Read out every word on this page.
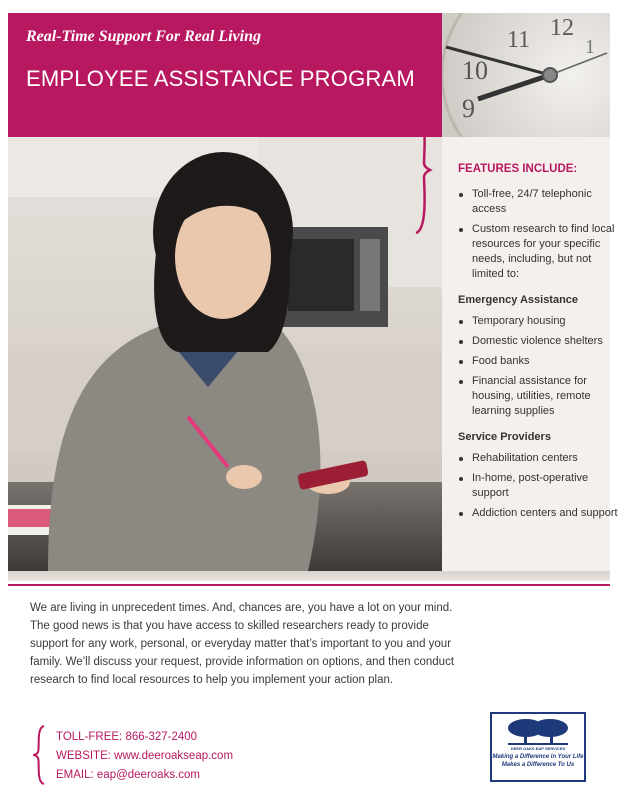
Real-Time Support For Real Living
EMPLOYEE ASSISTANCE PROGRAM
11 12
1
10
9
FEATURES INCLUDE:
Toll-free, 24/7 telephonic access
Custom research to find local resources for your specific needs, including, but not limited to:
Emergency Assistance
Temporary housing
Domestic violence shelters
Food banks
Financial assistance for housing, utilities, remote learning supplies
Service Providers
Rehabilitation centers
In-home, post-operative support
Addiction centers and support
We are living in unprecedent times. And, chances are, you have a lot on your mind. The good news is that you have access to skilled researchers ready to provide support for any work, personal, or everyday matter that’s important to you and your family. We’ll discuss your request, provide information on options, and then conduct research to find local resources to help you implement your action plan.
TOLL-FREE: 866-327-2400
WEBSITE: www.deeroakseap.com
EMAIL: eap@deeroaks.com
DEER OAKS EAP SERVICES
Making a Difference in Your Life
Makes a Difference To Us
